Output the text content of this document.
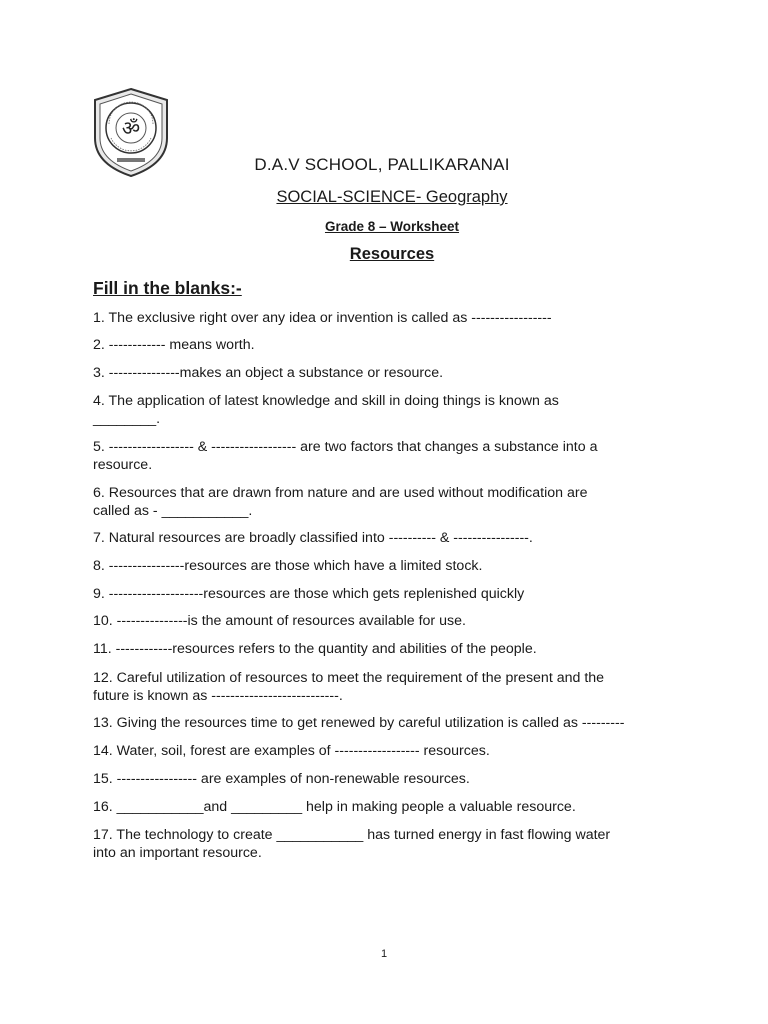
ॐ
D.A.V SCHOOL, PALLIKARANAI
SOCIAL-SCIENCE- Geography
Grade 8 – Worksheet
Resources
Fill in the blanks:-
1. The exclusive right over any idea or invention is called as -----------------
2. ------------ means worth.
3. ---------------makes an object a substance or resource.
4. The application of latest knowledge and skill in doing things is known as
________.
5. ------------------ & ------------------ are two factors that changes a substance into a
resource.
6. Resources that are drawn from nature and are used without modification are
called as - ___________.
7. Natural resources are broadly classified into ---------- & ----------------.
8. ----------------resources are those which have a limited stock.
9. --------------------resources are those which gets replenished quickly
10. ---------------is the amount of resources available for use.
11. ------------resources refers to the quantity and abilities of the people.
12. Careful utilization of resources to meet the requirement of the present and the
future is known as ---------------------------.
13. Giving the resources time to get renewed by careful utilization is called as ---------
14. Water, soil, forest are examples of ------------------ resources.
15. ----------------- are examples of non-renewable resources.
16. ___________and _________ help in making people a valuable resource.
17. The technology to create ___________ has turned energy in fast flowing water
into an important resource.
1
